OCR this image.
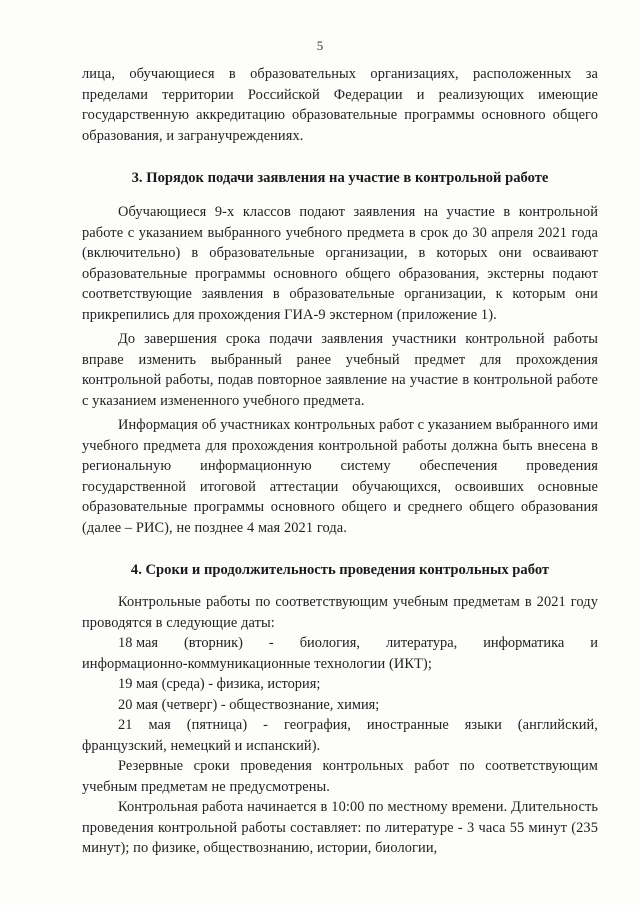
5

лица, обучающиеся в образовательных организациях, расположенных за пределами территории Российской Федерации и реализующих имеющие государственную аккредитацию образовательные программы основного общего образования, и загранучреждениях.

3. Порядок подачи заявления на участие в контрольной работе

Обучающиеся 9-х классов подают заявления на участие в контрольной работе с указанием выбранного учебного предмета в срок до 30 апреля 2021 года (включительно) в образовательные организации, в которых они осваивают образовательные программы основного общего образования, экстерны подают соответствующие заявления в образовательные организации, к которым они прикрепились для прохождения ГИА-9 экстерном (приложение 1).

До завершения срока подачи заявления участники контрольной работы вправе изменить выбранный ранее учебный предмет для прохождения контрольной работы, подав повторное заявление на участие в контрольной работе с указанием измененного учебного предмета.

Информация об участниках контрольных работ с указанием выбранного ими учебного предмета для прохождения контрольной работы должна быть внесена в региональную информационную систему обеспечения проведения государственной итоговой аттестации обучающихся, освоивших основные образовательные программы основного общего и среднего общего образования (далее – РИС), не позднее 4 мая 2021 года.

4. Сроки и продолжительность проведения контрольных работ

Контрольные работы по соответствующим учебным предметам в 2021 году проводятся в следующие даты:

18 мая (вторник) - биология, литература, информатика и

информационно-коммуникационные технологии (ИКТ);

19 мая (среда) - физика, история;

20 мая (четверг) - обществознание, химия;

21 мая (пятница) - география, иностранные языки (английский, французский, немецкий и испанский).

Резервные сроки проведения контрольных работ по соответствующим учебным предметам не предусмотрены.

Контрольная работа начинается в 10:00 по местному времени. Длительность проведения контрольной работы составляет: по литературе - 3 часа 55 минут (235 минут); по физике, обществознанию, истории, биологии,
